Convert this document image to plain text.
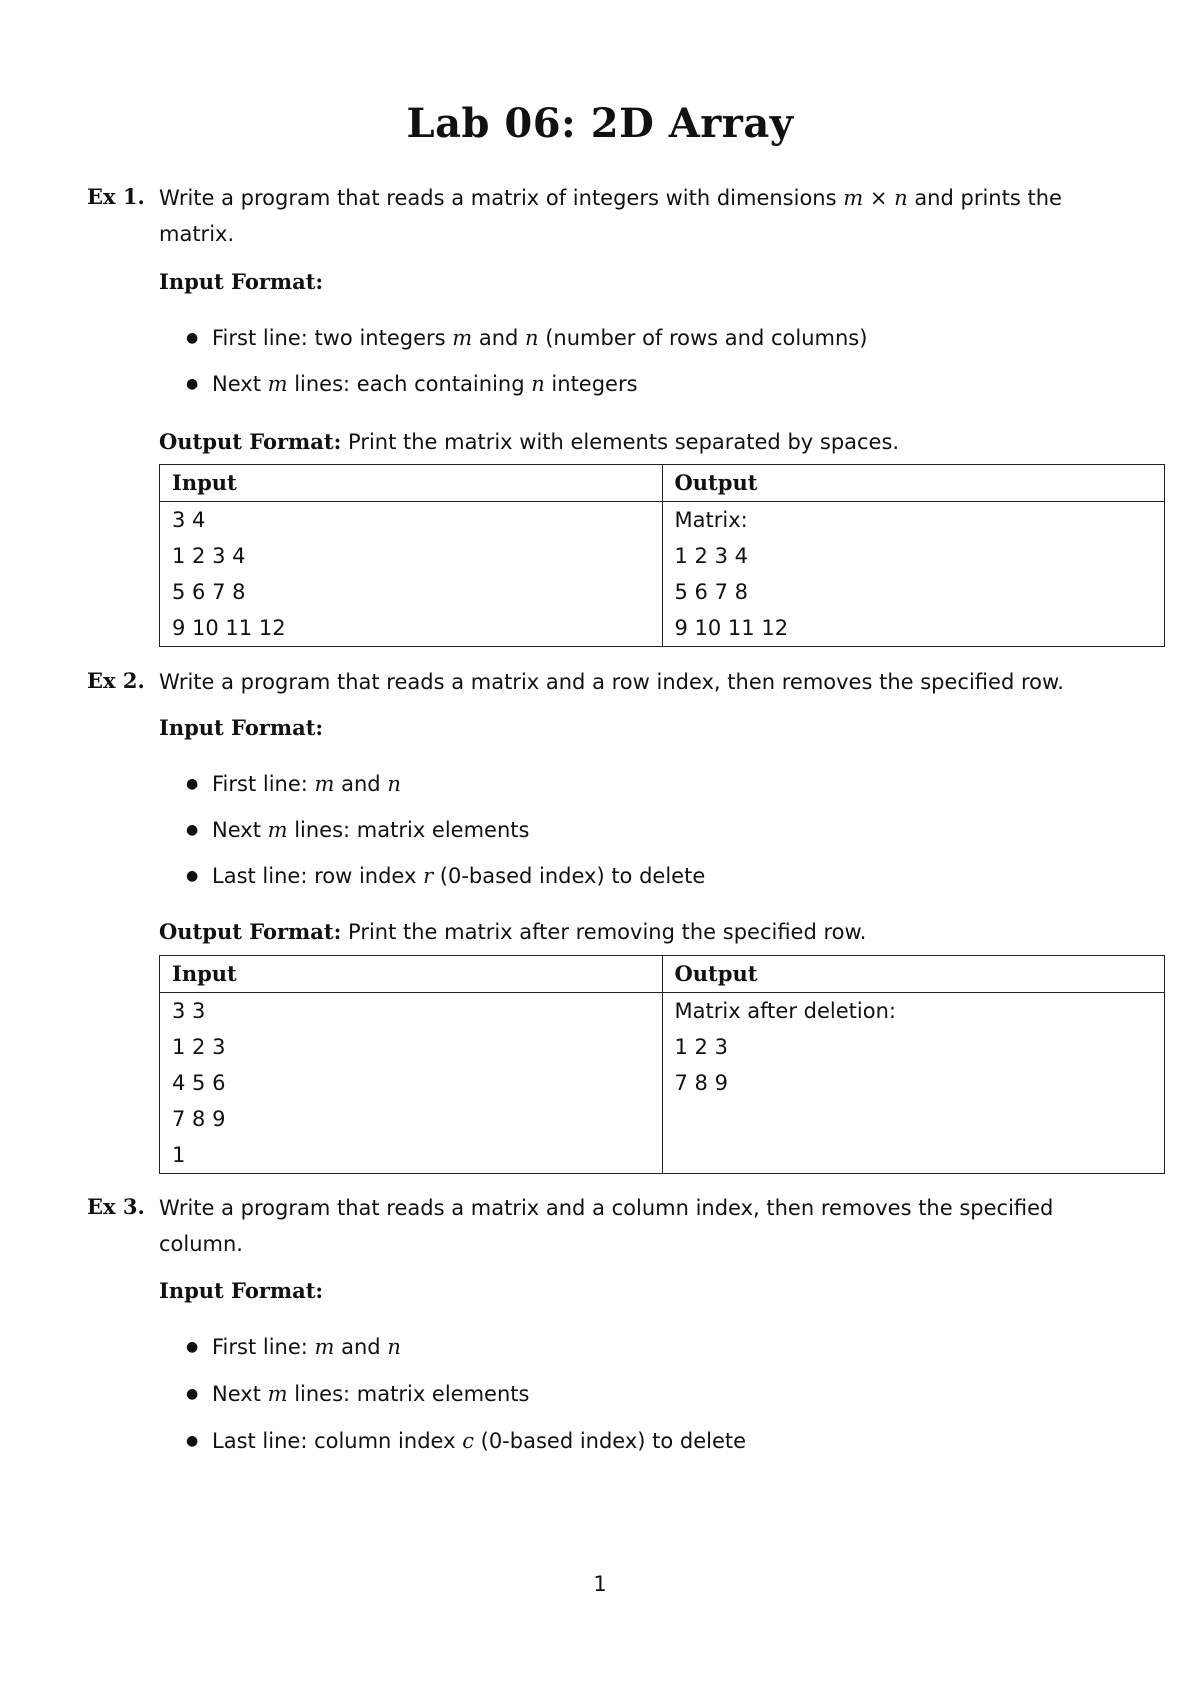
Lab 06: 2D Array
Ex 1. Write a program that reads a matrix of integers with dimensions m × n and prints the
matrix.
Input Format:
● First line: two integers m and n (number of rows and columns)
● Next m lines: each containing n integers
Output Format: Print the matrix with elements separated by spaces.
Input	Output
3 4	Matrix:
1 2 3 4	1 2 3 4
5 6 7 8	5 6 7 8
9 10 11 12	9 10 11 12
Ex 2. Write a program that reads a matrix and a row index, then removes the specified row.
Input Format:
● First line: m and n
● Next m lines: matrix elements
● Last line: row index r (0-based index) to delete
Output Format: Print the matrix after removing the specified row.
Input	Output
3 3	Matrix after deletion:
1 2 3	1 2 3
4 5 6	7 8 9
7 8 9	
1	
Ex 3. Write a program that reads a matrix and a column index, then removes the specified
column.
Input Format:
● First line: m and n
● Next m lines: matrix elements
● Last line: column index c (0-based index) to delete
1
